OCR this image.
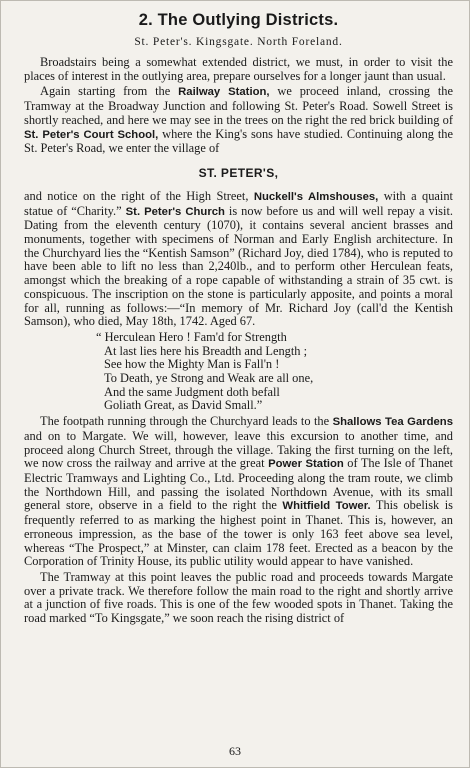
2. The Outlying Districts.
St. Peter's. Kingsgate. North Foreland.

Broadstairs being a somewhat extended district, we must, in order to visit the places of interest in the outlying area, prepare ourselves for a longer jaunt than usual.

Again starting from the Railway Station, we proceed inland, crossing the Tramway at the Broadway Junction and following St. Peter's Road. Sowell Street is shortly reached, and here we may see in the trees on the right the red brick building of St. Peter's Court School, where the King's sons have studied. Continuing along the St. Peter's Road, we enter the village of

ST. PETER'S,

and notice on the right of the High Street, Nuckell's Almshouses, with a quaint statue of “Charity.” St. Peter's Church is now before us and will well repay a visit. Dating from the eleventh century (1070), it contains several ancient brasses and monuments, together with specimens of Norman and Early English architecture. In the Churchyard lies the “Kentish Samson” (Richard Joy, died 1784), who is reputed to have been able to lift no less than 2,240lb., and to perform other Herculean feats, amongst which the breaking of a rope capable of withstanding a strain of 35 cwt. is conspicuous. The inscription on the stone is particularly apposite, and points a moral for all, running as follows:—“In memory of Mr. Richard Joy (call'd the Kentish Samson), who died, May 18th, 1742. Aged 67.

“ Herculean Hero ! Fam'd for Strength
At last lies here his Breadth and Length ;
See how the Mighty Man is Fall'n !
To Death, ye Strong and Weak are all one,
And the same Judgment doth befall
Goliath Great, as David Small.”

The footpath running through the Churchyard leads to the Shallows Tea Gardens and on to Margate. We will, however, leave this excursion to another time, and proceed along Church Street, through the village. Taking the first turning on the left, we now cross the railway and arrive at the great Power Station of The Isle of Thanet Electric Tramways and Lighting Co., Ltd. Proceeding along the tram route, we climb the Northdown Hill, and passing the isolated Northdown Avenue, with its small general store, observe in a field to the right the Whitfield Tower. This obelisk is frequently referred to as marking the highest point in Thanet. This is, however, an erroneous impression, as the base of the tower is only 163 feet above sea level, whereas “The Prospect,” at Minster, can claim 178 feet. Erected as a beacon by the Corporation of Trinity House, its public utility would appear to have vanished.

The Tramway at this point leaves the public road and proceeds towards Margate over a private track. We therefore follow the main road to the right and shortly arrive at a junction of five roads. This is one of the few wooded spots in Thanet. Taking the road marked “To Kingsgate,” we soon reach the rising district of

63
